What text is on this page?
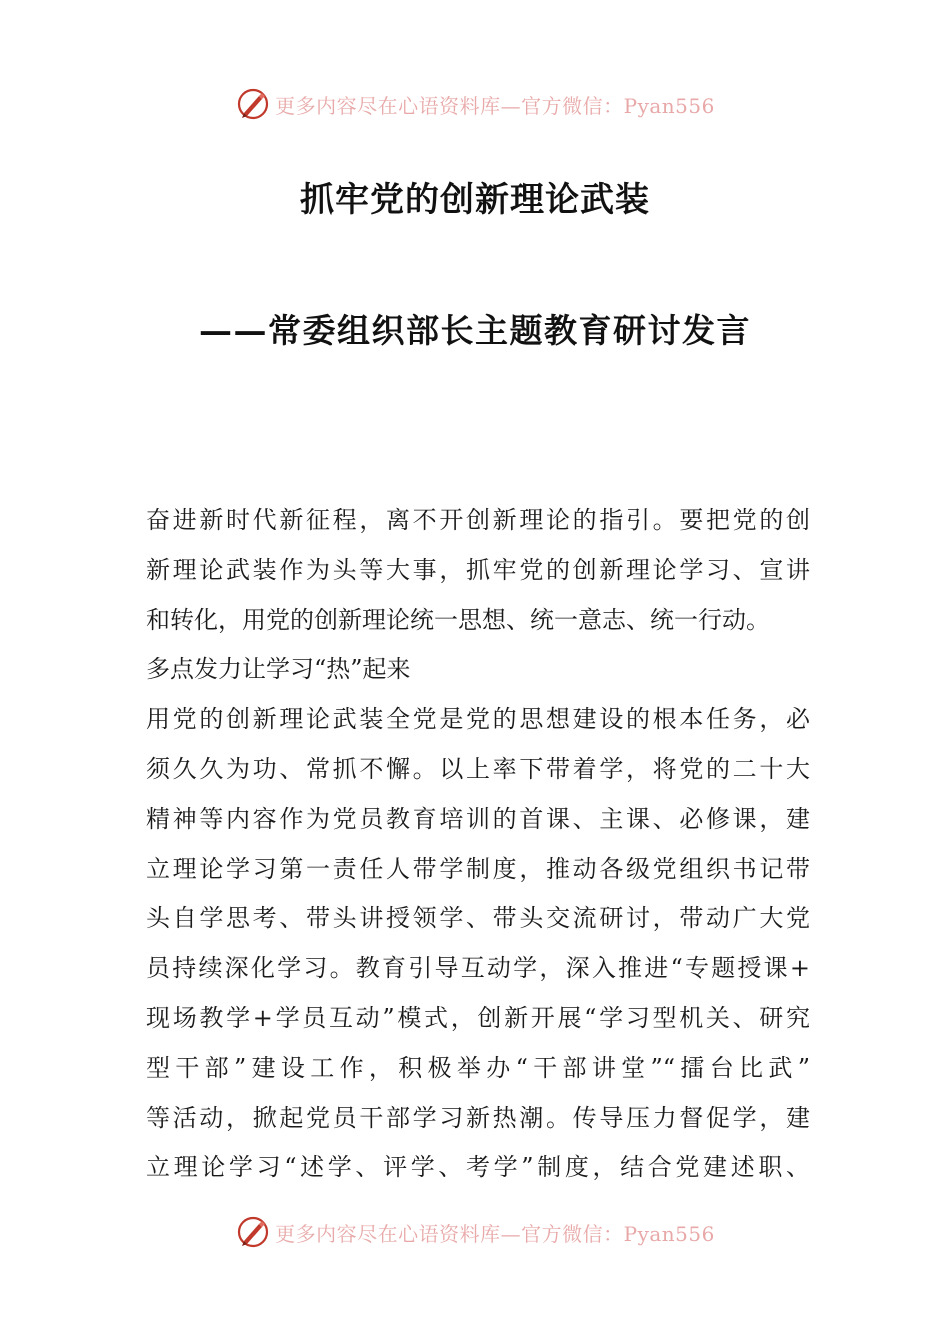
更多内容尽在心语资料库—官方微信：Pyan556
抓牢党的创新理论武装
——常委组织部长主题教育研讨发言
奋进新时代新征程，离不开创新理论的指引。要把党的创
新理论武装作为头等大事，抓牢党的创新理论学习、宣讲
和转化，用党的创新理论统一思想、统一意志、统一行动。
多点发力让学习“热”起来
用党的创新理论武装全党是党的思想建设的根本任务，必
须久久为功、常抓不懈。以上率下带着学，将党的二十大
精神等内容作为党员教育培训的首课、主课、必修课，建
立理论学习第一责任人带学制度，推动各级党组织书记带
头自学思考、带头讲授领学、带头交流研讨，带动广大党
员持续深化学习。教育引导互动学，深入推进“专题授课+
现场教学+学员互动”模式，创新开展“学习型机关、研究
型干部”建设工作，积极举办“干部讲堂”“擂台比武”
等活动，掀起党员干部学习新热潮。传导压力督促学，建
立理论学习“述学、评学、考学”制度，结合党建述职、
更多内容尽在心语资料库—官方微信：Pyan556
